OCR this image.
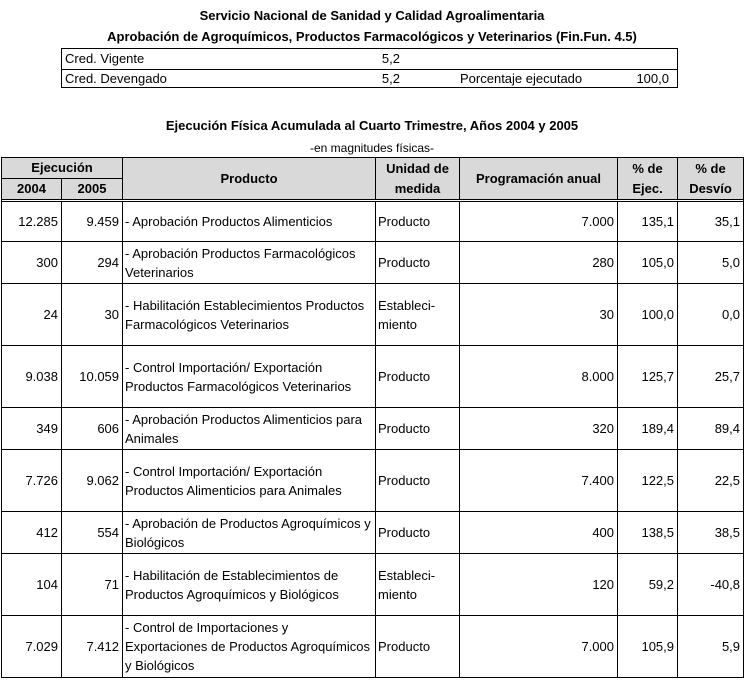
Servicio Nacional de Sanidad y Calidad Agroalimentaria
Aprobación de Agroquímicos, Productos Farmacológicos y Veterinarios (Fin.Fun. 4.5)
Cred. Vigente	5,2
Cred. Devengado	5,2	Porcentaje ejecutado	100,0
Ejecución Física Acumulada al Cuarto Trimestre, Años 2004 y 2005
-en magnitudes físicas-
Ejecución		Producto	Unidad de medida	Programación anual	% de Ejec.	% de Desvío
2004	2005					

12.285	9.459	- Aprobación Productos Alimenticios	Producto	7.000	135,1	35,1
300	294	- Aprobación Productos Farmacológicos Veterinarios	Producto	280	105,0	5,0
24	30	- Habilitación Establecimientos Productos Farmacológicos Veterinarios	Estableci-miento	30	100,0	0,0
9.038	10.059	- Control Importación/ Exportación Productos Farmacológicos Veterinarios	Producto	8.000	125,7	25,7
349	606	- Aprobación Productos Alimenticios para Animales	Producto	320	189,4	89,4
7.726	9.062	- Control Importación/ Exportación Productos Alimenticios para Animales	Producto	7.400	122,5	22,5
412	554	- Aprobación de Productos Agroquímicos y Biológicos	Producto	400	138,5	38,5
104	71	- Habilitación de Establecimientos de Productos Agroquímicos y Biológicos	Estableci-miento	120	59,2	-40,8
7.029	7.412	- Control de Importaciones y Exportaciones de Productos Agroquímicos y Biológicos	Producto	7.000	105,9	5,9
